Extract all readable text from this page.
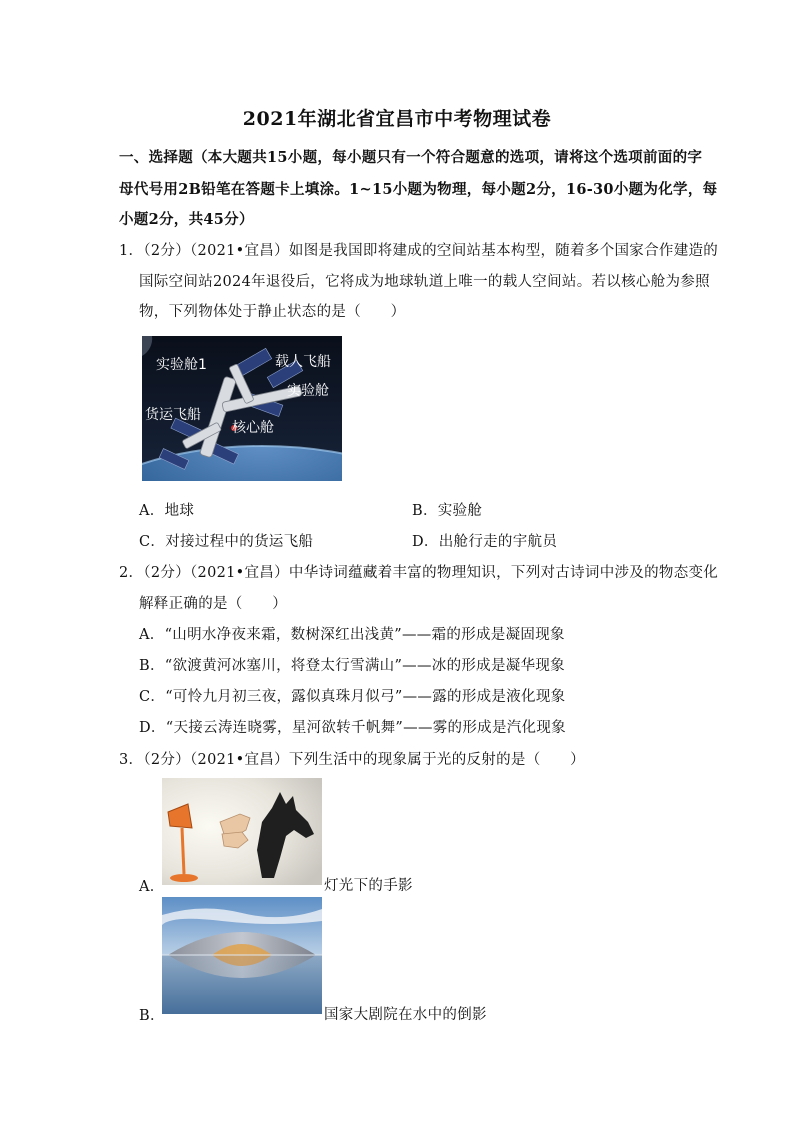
2021年湖北省宜昌市中考物理试卷
一、选择题（本大题共15小题，每小题只有一个符合题意的选项，请将这个选项前面的字
母代号用2B铅笔在答题卡上填涂。1~15小题为物理，每小题2分，16-30小题为化学，每
小题2分，共45分）
1．（2分）（2021•宜昌）如图是我国即将建成的空间站基本构型，随着多个国家合作建造的
国际空间站2024年退役后，它将成为地球轨道上唯一的载人空间站。若以核心舱为参照
物，下列物体处于静止状态的是（　　）
实验舱1	载人飞船
实验舱
货运飞船
核心舱
A．地球	B．实验舱
C．对接过程中的货运飞船	D．出舱行走的宇航员
2．（2分）（2021•宜昌）中华诗词蕴藏着丰富的物理知识，下列对古诗词中涉及的物态变化
解释正确的是（　　）
A．“山明水净夜来霜，数树深红出浅黄”——霜的形成是凝固现象
B．“欲渡黄河冰塞川，将登太行雪满山”——冰的形成是凝华现象
C．“可怜九月初三夜，露似真珠月似弓”——露的形成是液化现象
D．“天接云涛连晓雾，星河欲转千帆舞”——雾的形成是汽化现象
3．（2分）（2021•宜昌）下列生活中的现象属于光的反射的是（　　）
A．	灯光下的手影
B．	国家大剧院在水中的倒影
